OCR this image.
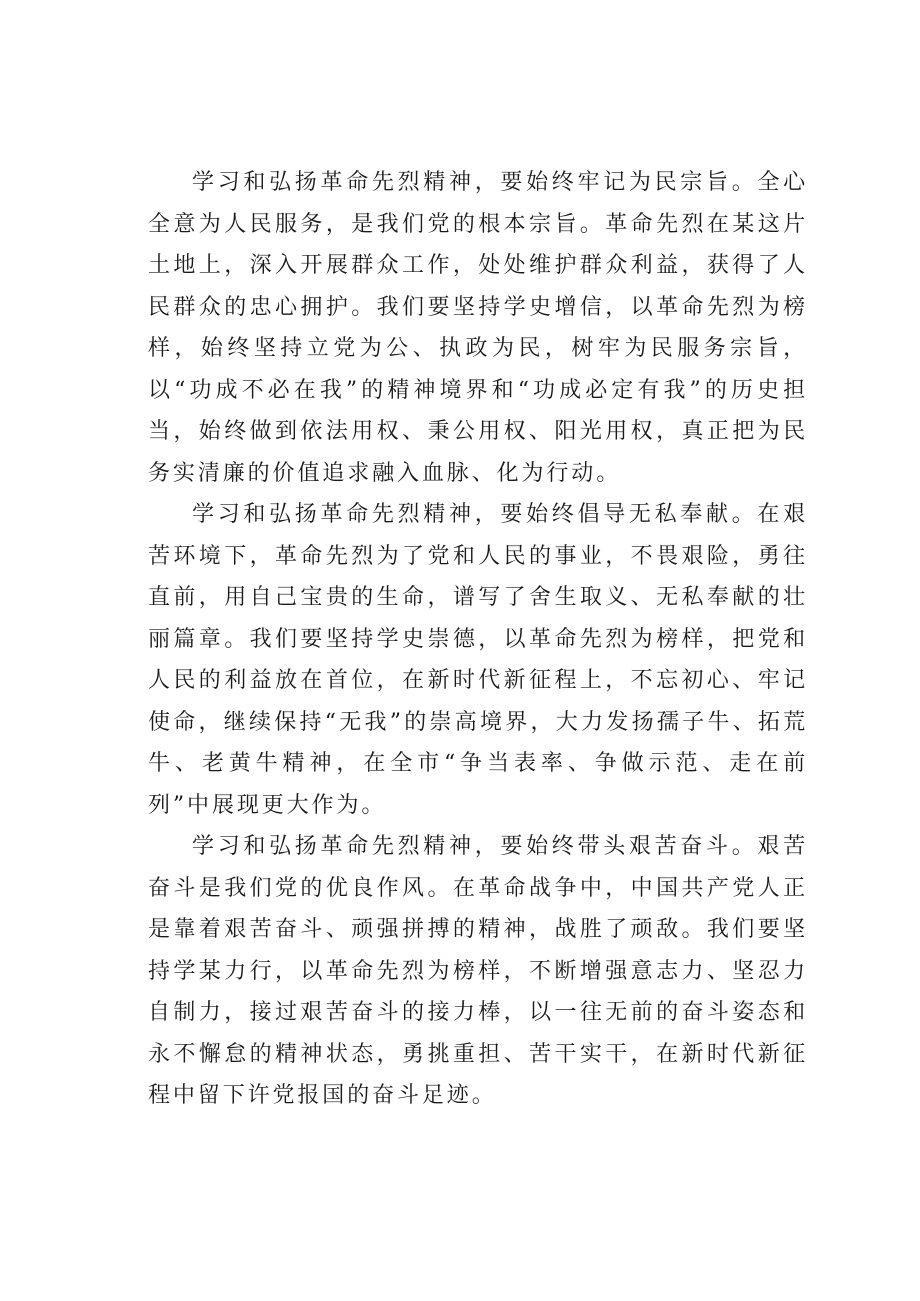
学习和弘扬革命先烈精神，要始终牢记为民宗旨。全心全意为人民服务，是我们党的根本宗旨。革命先烈在某这片土地上，深入开展群众工作，处处维护群众利益，获得了人民群众的忠心拥护。我们要坚持学史增信，以革命先烈为榜样，始终坚持立党为公、执政为民，树牢为民服务宗旨，以“功成不必在我”的精神境界和“功成必定有我”的历史担当，始终做到依法用权、秉公用权、阳光用权，真正把为民务实清廉的价值追求融入血脉、化为行动。

学习和弘扬革命先烈精神，要始终倡导无私奉献。在艰苦环境下，革命先烈为了党和人民的事业，不畏艰险，勇往直前，用自己宝贵的生命，谱写了舍生取义、无私奉献的壮丽篇章。我们要坚持学史崇德，以革命先烈为榜样，把党和人民的利益放在首位，在新时代新征程上，不忘初心、牢记使命，继续保持“无我”的崇高境界，大力发扬孺子牛、拓荒牛、老黄牛精神，在全市“争当表率、争做示范、走在前列”中展现更大作为。

学习和弘扬革命先烈精神，要始终带头艰苦奋斗。艰苦奋斗是我们党的优良作风。在革命战争中，中国共产党人正是靠着艰苦奋斗、顽强拼搏的精神，战胜了顽敌。我们要坚持学某力行，以革命先烈为榜样，不断增强意志力、坚忍力自制力，接过艰苦奋斗的接力棒，以一往无前的奋斗姿态和永不懈怠的精神状态，勇挑重担、苦干实干，在新时代新征程中留下许党报国的奋斗足迹。
